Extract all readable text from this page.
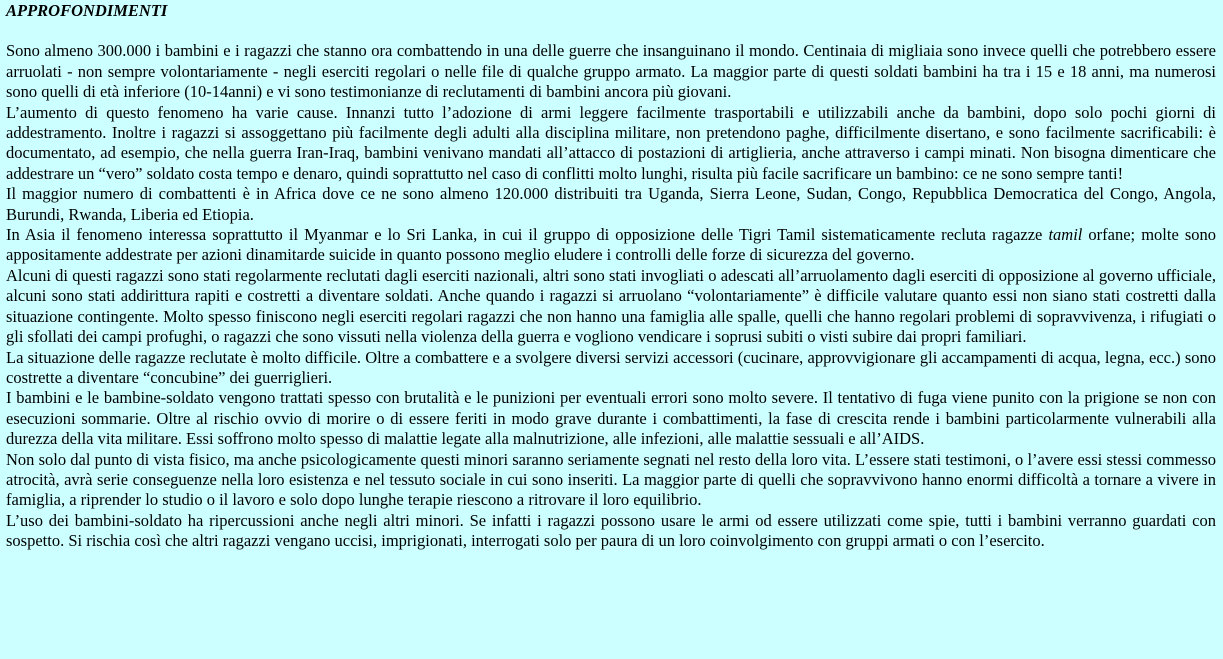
APPROFONDIMENTI

Sono almeno 300.000 i bambini e i ragazzi che stanno ora combattendo in una delle guerre che insanguinano il mondo. Centinaia di migliaia sono invece quelli che potrebbero essere arruolati - non sempre volontariamente - negli eserciti regolari o nelle file di qualche gruppo armato. La maggior parte di questi soldati bambini ha tra i 15 e 18 anni, ma numerosi sono quelli di età inferiore (10-14anni) e vi sono testimonianze di reclutamenti di bambini ancora più giovani.

L’aumento di questo fenomeno ha varie cause. Innanzi tutto l’adozione di armi leggere facilmente trasportabili e utilizzabili anche da bambini, dopo solo pochi giorni di addestramento. Inoltre i ragazzi si assoggettano più facilmente degli adulti alla disciplina militare, non pretendono paghe, difficilmente disertano, e sono facilmente sacrificabili: è documentato, ad esempio, che nella guerra Iran-Iraq, bambini venivano mandati all’attacco di postazioni di artiglieria, anche attraverso i campi minati. Non bisogna dimenticare che addestrare un “vero” soldato costa tempo e denaro, quindi soprattutto nel caso di conflitti molto lunghi, risulta più facile sacrificare un bambino: ce ne sono sempre tanti!

Il maggior numero di combattenti è in Africa dove ce ne sono almeno 120.000 distribuiti tra Uganda, Sierra Leone, Sudan, Congo, Repubblica Democratica del Congo, Angola, Burundi, Rwanda, Liberia ed Etiopia.

In Asia il fenomeno interessa soprattutto il Myanmar e lo Sri Lanka, in cui il gruppo di opposizione delle Tigri Tamil sistematicamente recluta ragazze tamil orfane; molte sono appositamente addestrate per azioni dinamitarde suicide in quanto possono meglio eludere i controlli delle forze di sicurezza del governo.

Alcuni di questi ragazzi sono stati regolarmente reclutati dagli eserciti nazionali, altri sono stati invogliati o adescati all’arruolamento dagli eserciti di opposizione al governo ufficiale, alcuni sono stati addirittura rapiti e costretti a diventare soldati. Anche quando i ragazzi si arruolano “volontariamente” è difficile valutare quanto essi non siano stati costretti dalla situazione contingente. Molto spesso finiscono negli eserciti regolari ragazzi che non hanno una famiglia alle spalle, quelli che hanno regolari problemi di sopravvivenza, i rifugiati o gli sfollati dei campi profughi, o ragazzi che sono vissuti nella violenza della guerra e vogliono vendicare i soprusi subiti o visti subire dai propri familiari.

La situazione delle ragazze reclutate è molto difficile. Oltre a combattere e a svolgere diversi servizi accessori (cucinare, approvvigionare gli accampamenti di acqua, legna, ecc.) sono costrette a diventare “concubine” dei guerriglieri.

I bambini e le bambine-soldato vengono trattati spesso con brutalità e le punizioni per eventuali errori sono molto severe. Il tentativo di fuga viene punito con la prigione se non con esecuzioni sommarie. Oltre al rischio ovvio di morire o di essere feriti in modo grave durante i combattimenti, la fase di crescita rende i bambini particolarmente vulnerabili alla durezza della vita militare. Essi soffrono molto spesso di malattie legate alla malnutrizione, alle infezioni, alle malattie sessuali e all’AIDS.

Non solo dal punto di vista fisico, ma anche psicologicamente questi minori saranno seriamente segnati nel resto della loro vita. L’essere stati testimoni, o l’avere essi stessi commesso atrocità, avrà serie conseguenze nella loro esistenza e nel tessuto sociale in cui sono inseriti. La maggior parte di quelli che sopravvivono hanno enormi difficoltà a tornare a vivere in famiglia, a riprender lo studio o il lavoro e solo dopo lunghe terapie riescono a ritrovare il loro equilibrio.

L’uso dei bambini-soldato ha ripercussioni anche negli altri minori. Se infatti i ragazzi possono usare le armi od essere utilizzati come spie, tutti i bambini verranno guardati con sospetto. Si rischia così che altri ragazzi vengano uccisi, imprigionati, interrogati solo per paura di un loro coinvolgimento con gruppi armati o con l’esercito.
